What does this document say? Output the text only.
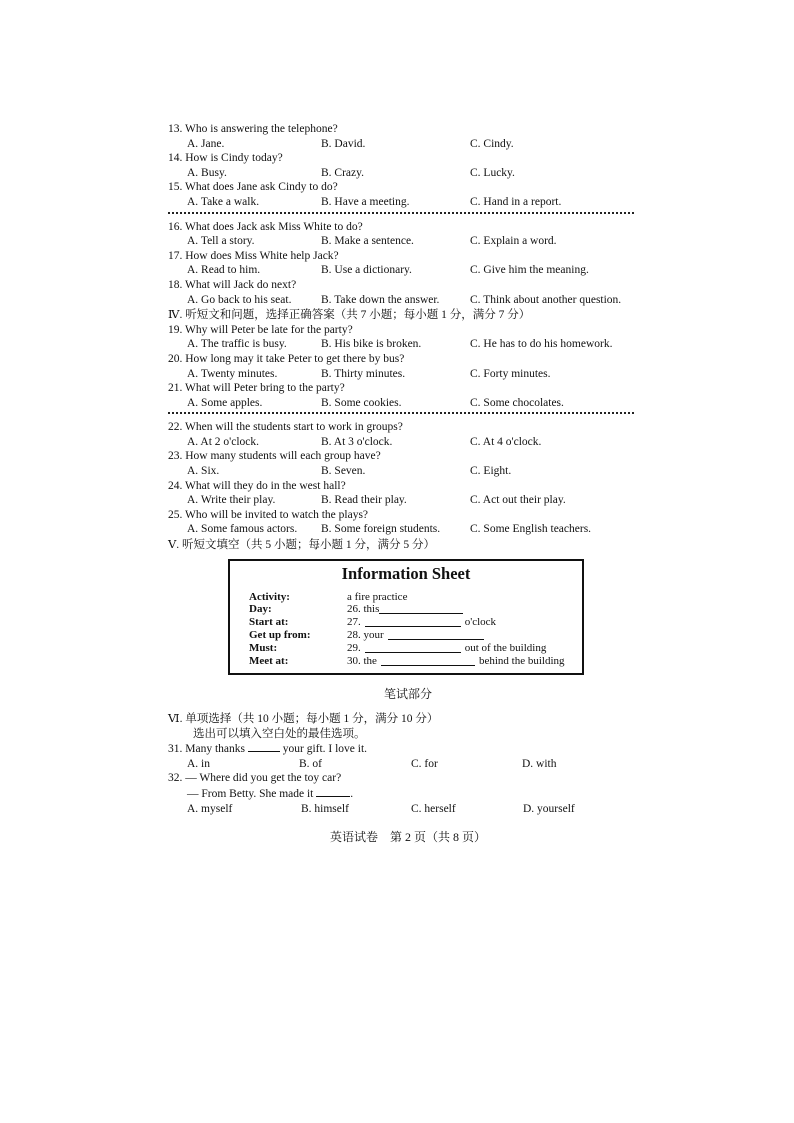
13. Who is answering the telephone?
A. Jane.	B. David.	C. Cindy.
14. How is Cindy today?
A. Busy.	B. Crazy.	C. Lucky.
15. What does Jane ask Cindy to do?
A. Take a walk.	B. Have a meeting.	C. Hand in a report.
16. What does Jack ask Miss White to do?
A. Tell a story.	B. Make a sentence.	C. Explain a word.
17. How does Miss White help Jack?
A. Read to him.	B. Use a dictionary.	C. Give him the meaning.
18. What will Jack do next?
A. Go back to his seat.	B. Take down the answer.	C. Think about another question.
Ⅳ. 听短文和问题，选择正确答案（共 7 小题；每小题 1 分，满分 7 分）
19. Why will Peter be late for the party?
A. The traffic is busy.	B. His bike is broken.	C. He has to do his homework.
20. How long may it take Peter to get there by bus?
A. Twenty minutes.	B. Thirty minutes.	C. Forty minutes.
21. What will Peter bring to the party?
A. Some apples.	B. Some cookies.	C. Some chocolates.
22. When will the students start to work in groups?
A. At 2 o'clock.	B. At 3 o'clock.	C. At 4 o'clock.
23. How many students will each group have?
A. Six.	B. Seven.	C. Eight.
24. What will they do in the west hall?
A. Write their play.	B. Read their play.	C. Act out their play.
25. Who will be invited to watch the plays?
A. Some famous actors.	B. Some foreign students.	C. Some English teachers.
Ⅴ. 听短文填空（共 5 小题；每小题 1 分，满分 5 分）
Information Sheet
Activity:	a fire practice
Day:	26. this
Start at:	27.	o'clock
Get up from:	28. your
Must:	29.	out of the building
Meet at:	30. the	behind the building
笔试部分
Ⅵ. 单项选择（共 10 小题；每小题 1 分，满分 10 分）
选出可以填入空白处的最佳选项。
31. Many thanks	your gift. I love it.
A. in	B. of	C. for	D. with
32. — Where did you get the toy car?
— From Betty. She made it	.
A. myself	B. himself	C. herself	D. yourself
英语试卷　第 2 页（共 8 页）
